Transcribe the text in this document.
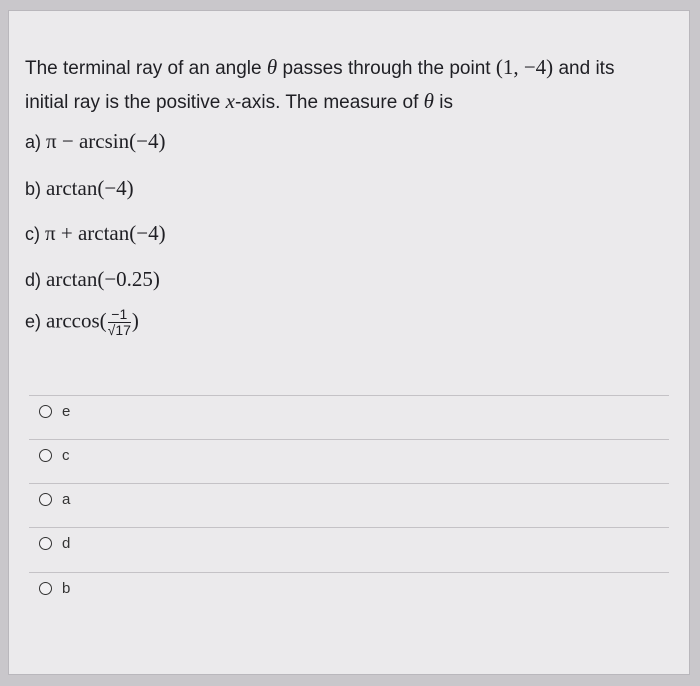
The terminal ray of an angle θ passes through the point (1, −4) and its
initial ray is the positive x-axis. The measure of θ is
a) π − arcsin(−4)
b) arctan(−4)
c) π + arctan(−4)
d) arctan(−0.25)
e) $\arccos( \frac{-1}{√17}$ )
e
c
a
d
b
